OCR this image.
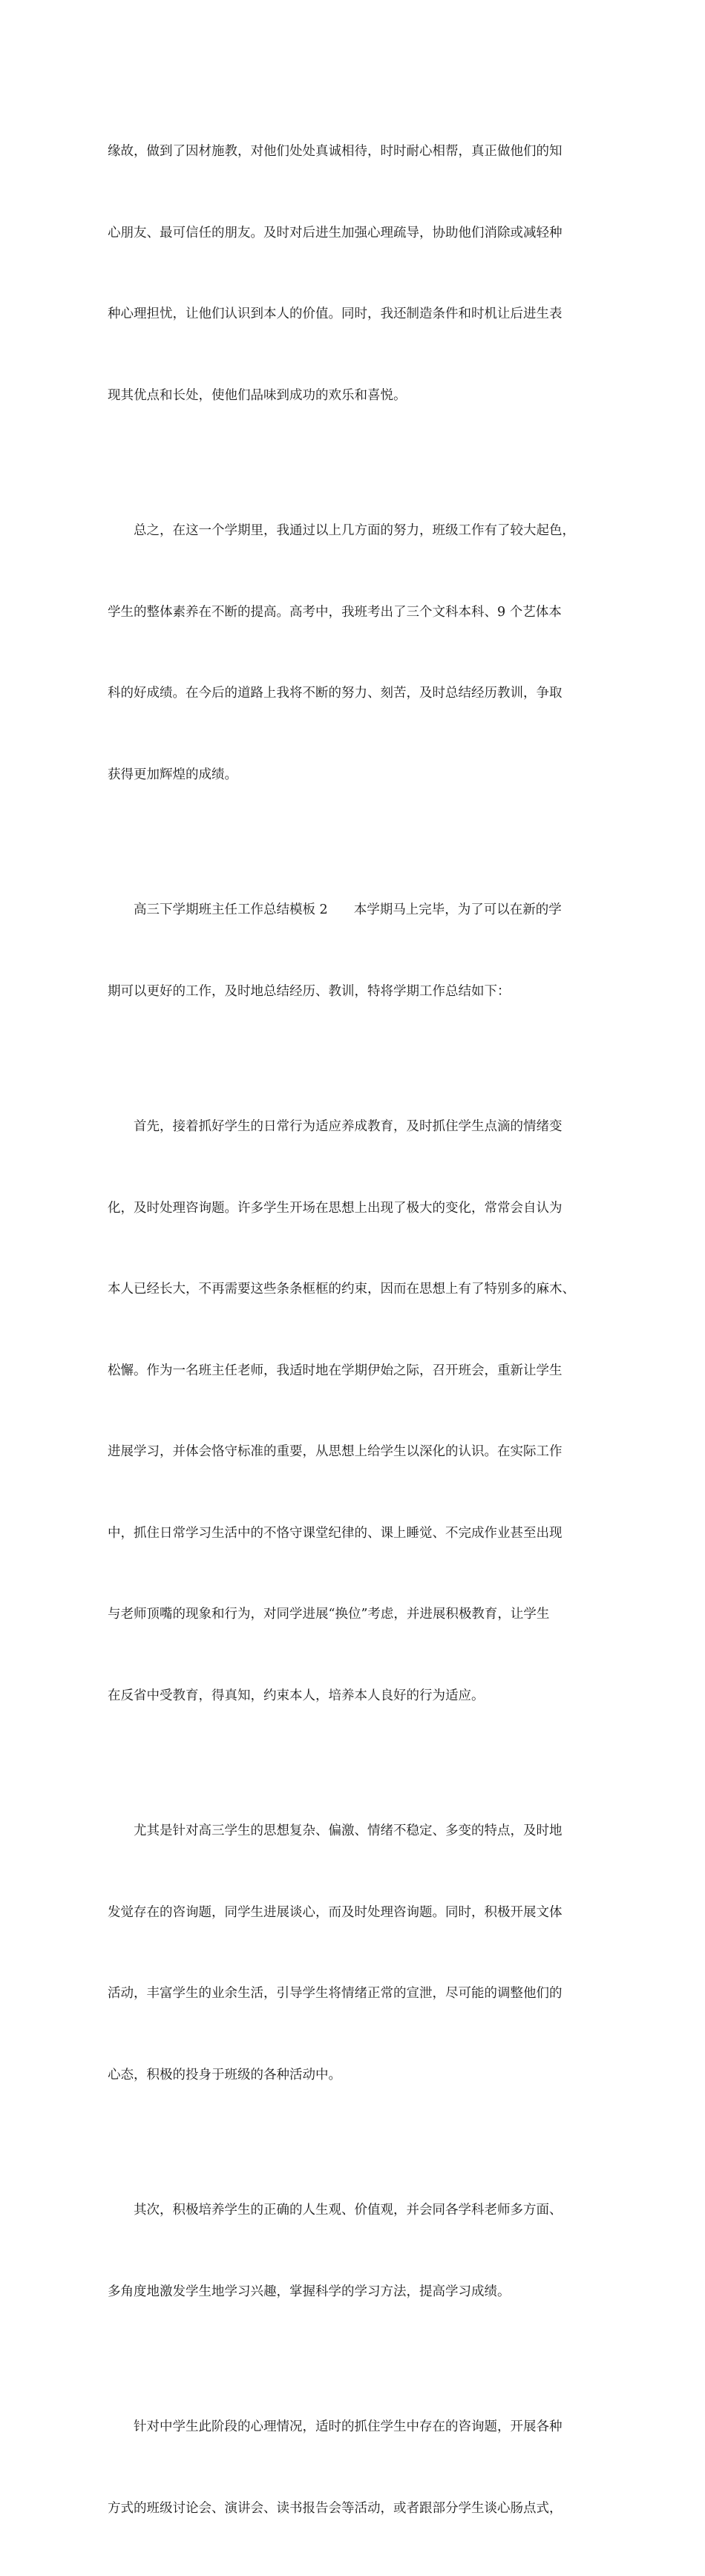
缘故，做到了因材施教，对他们处处真诚相待，时时耐心相帮，真正做他们的知

心朋友、最可信任的朋友。及时对后进生加强心理疏导，协助他们消除或减轻种

种心理担忧，让他们认识到本人的价值。同时，我还制造条件和时机让后进生表

现其优点和长处，使他们品味到成功的欢乐和喜悦。

总之，在这一个学期里，我通过以上几方面的努力，班级工作有了较大起色，

学生的整体素养在不断的提高。高考中，我班考出了三个文科本科、9 个艺体本

科的好成绩。在今后的道路上我将不断的努力、刻苦，及时总结经历教训，争取

获得更加辉煌的成绩。

高三下学期班主任工作总结模板 2　　本学期马上完毕，为了可以在新的学

期可以更好的工作，及时地总结经历、教训，特将学期工作总结如下：

首先，接着抓好学生的日常行为适应养成教育，及时抓住学生点滴的情绪变

化，及时处理咨询题。许多学生开场在思想上出现了极大的变化，常常会自认为

本人已经长大，不再需要这些条条框框的约束，因而在思想上有了特别多的麻木、

松懈。作为一名班主任老师，我适时地在学期伊始之际，召开班会，重新让学生

进展学习，并体会恪守标准的重要，从思想上给学生以深化的认识。在实际工作

中，抓住日常学习生活中的不恪守课堂纪律的、课上睡觉、不完成作业甚至出现

与老师顶嘴的现象和行为，对同学进展“换位”考虑，并进展积极教育，让学生

在反省中受教育，得真知，约束本人，培养本人良好的行为适应。

尤其是针对高三学生的思想复杂、偏激、情绪不稳定、多变的特点，及时地

发觉存在的咨询题，同学生进展谈心，而及时处理咨询题。同时，积极开展文体

活动，丰富学生的业余生活，引导学生将情绪正常的宣泄，尽可能的调整他们的

心态，积极的投身于班级的各种活动中。

其次，积极培养学生的正确的人生观、价值观，并会同各学科老师多方面、

多角度地激发学生地学习兴趣，掌握科学的学习方法，提高学习成绩。

针对中学生此阶段的心理情况，适时的抓住学生中存在的咨询题，开展各种

方式的班级讨论会、演讲会、读书报告会等活动，或者跟部分学生谈心肠点式，
